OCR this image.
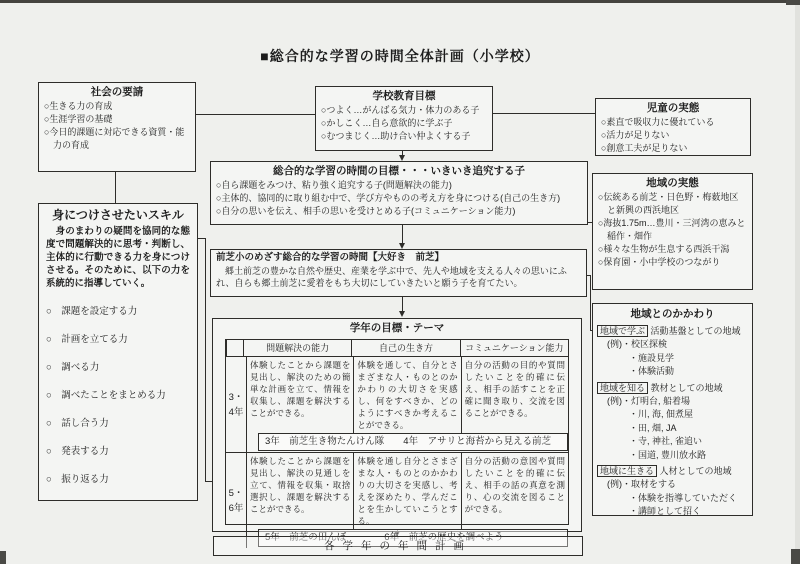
■総合的な学習の時間全体計画（小学校）
社会の要請
○生きる力の育成
○生涯学習の基礎
○今日的課題に対応できる資質・能力の育成
学校教育目標
○つよく…がんばる気力・体力のある子
○かしこく…自ら意欲的に学ぶ子
○むつまじく…助け合い仲よくする子
児童の実態
○素直で吸収力に優れている
○活力が足りない
○創意工夫が足りない
地域の実態
○伝統ある前芝・日色野・梅薮地区と新興の西浜地区
○海抜1.75m…豊川・三河湾の恵みと稲作・畑作
○様々な生物が生息する西浜干潟
○保育園・小中学校のつながり
身につけさせたいスキル
　身のまわりの疑問を協同的な態度で問題解決的に思考・判断し、主体的に行動できる力を身につけさせる。そのために、以下の力を系統的に指導していく。
○　課題を設定する力
○　計画を立てる力
○　調べる力
○　調べたことをまとめる力
○　話し合う力
○　発表する力
○　振り返る力
総合的な学習の時間の目標・・・いきいき追究する子
○自ら課題をみつけ、粘り強く追究する子(問題解決の能力)
○主体的、協同的に取り組む中で、学び方やものの考え方を身につける(自己の生き方)
○自分の思いを伝え、相手の思いを受けとめる子(コミュニケーション能力)
前芝小のめざす総合的な学習の時間【大好き　前芝】
　郷土前芝の豊かな自然や歴史、産業を学ぶ中で、先人や地域を支える人々の思いにふれ、自らも郷土前芝に愛着をもち大切にしていきたいと願う子を育てたい。
地域とのかかわり
地域で学ぶ 活動基盤としての地域
(例)・校区探検
・施設見学
・体験活動
地域を知る 教材としての地域
(例)・灯明台, 船着場
・川, 海, 佃煮屋
・田, 畑, JA
・寺, 神社, 雀追い
・国道, 豊川放水路
地域に生きる 人材としての地域
(例)・取材をする
・体験を指導していただく
・講師として招く
学年の目標・テーマ
問題解決の能力	自己の生き方	コミュニケーション能力
3・4年
体験したことから課題を見出し、解決のための簡単な計画を立て、情報を収集し、課題を解決することができる。
体験を通して、自分とさまざまな人・ものとのかかわりの大切さを実感し、何をすべきか、どのようにすべきか考えることができる。
自分の活動の目的や質問したいことを的確に伝え、相手の話すことを正確に聞き取り、交流を図ることができる。
3年　前芝生き物たんけん隊　　4年　アサリと海苔から見える前芝
5・6年
体験したことから課題を見出し、解決の見通しを立て、情報を収集・取捨選択し、課題を解決することができる。
体験を通し自分とさまざまな人・ものとのかかわりの大切さを実感し、考えを深めたり、学んだことを生かしていこうとする。
自分の活動の意図や質問したいことを的確に伝え、相手の話の真意を測り、心の交流を図ることができる。
5年　前芝の田んぼ　　　　6年　前芝の歴史を調べよう
各学年の年間計画
